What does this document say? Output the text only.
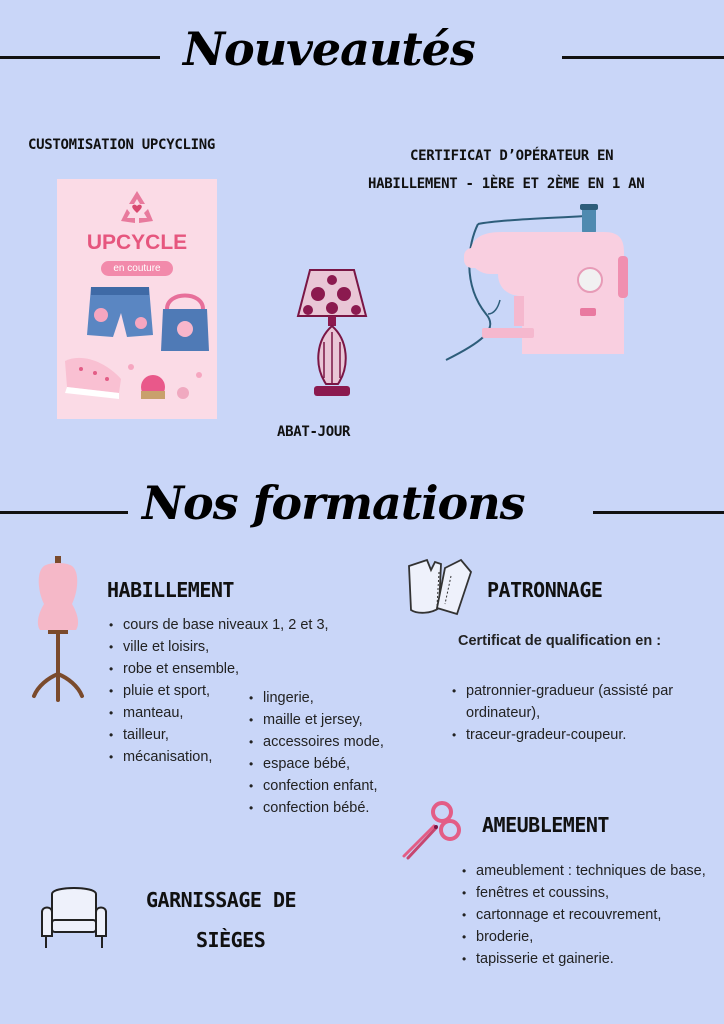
Nouveautés
CUSTOMISATION UPCYCLING
UPCYCLE
en couture
ABAT-JOUR
CERTIFICAT D’OPÉRATEUR EN
HABILLEMENT - 1ÈRE ET 2ÈME EN 1 AN
Nos formations
HABILLEMENT
• cours de base niveaux 1, 2 et 3,
• ville et loisirs,
• robe et ensemble,
• pluie et sport,
• manteau,
• tailleur,
• mécanisation,
• lingerie,
• maille et jersey,
• accessoires mode,
• espace bébé,
• confection enfant,
• confection bébé.
PATRONNAGE
Certificat de qualification en :
• patronnier-gradueur (assisté par ordinateur),
• traceur-gradeur-coupeur.
AMEUBLEMENT
• ameublement : techniques de base,
• fenêtres et coussins,
• cartonnage et recouvrement,
• broderie,
• tapisserie et gainerie.
GARNISSAGE DE
SIÈGES
